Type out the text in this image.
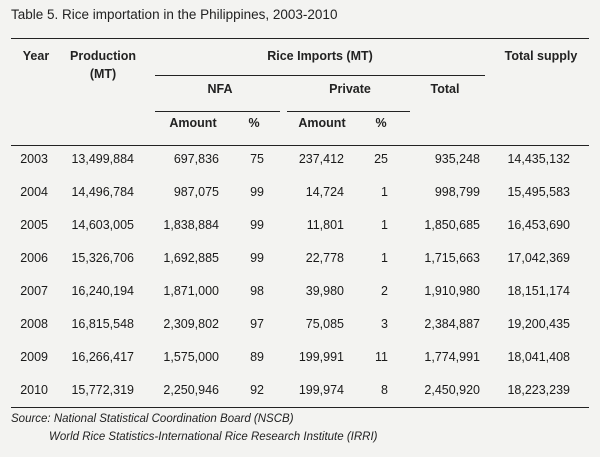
Table 5. Rice importation in the Philippines, 2003-2010
Year	Production
(MT)
Rice Imports (MT)	Total supply
NFA	Private	Total
Amount	%	Amount	%
2003	13,499,884	697,836	75	237,412	25	935,248	14,435,132
2004	14,496,784	987,075	99	14,724	1	998,799	15,495,583
2005	14,603,005	1,838,884	99	11,801	1	1,850,685	16,453,690
2006	15,326,706	1,692,885	99	22,778	1	1,715,663	17,042,369
2007	16,240,194	1,871,000	98	39,980	2	1,910,980	18,151,174
2008	16,815,548	2,309,802	97	75,085	3	2,384,887	19,200,435
2009	16,266,417	1,575,000	89	199,991	11	1,774,991	18,041,408
2010	15,772,319	2,250,946	92	199,974	8	2,450,920	18,223,239
Source: National Statistical Coordination Board (NSCB)
World Rice Statistics-International Rice Research Institute (IRRI)
